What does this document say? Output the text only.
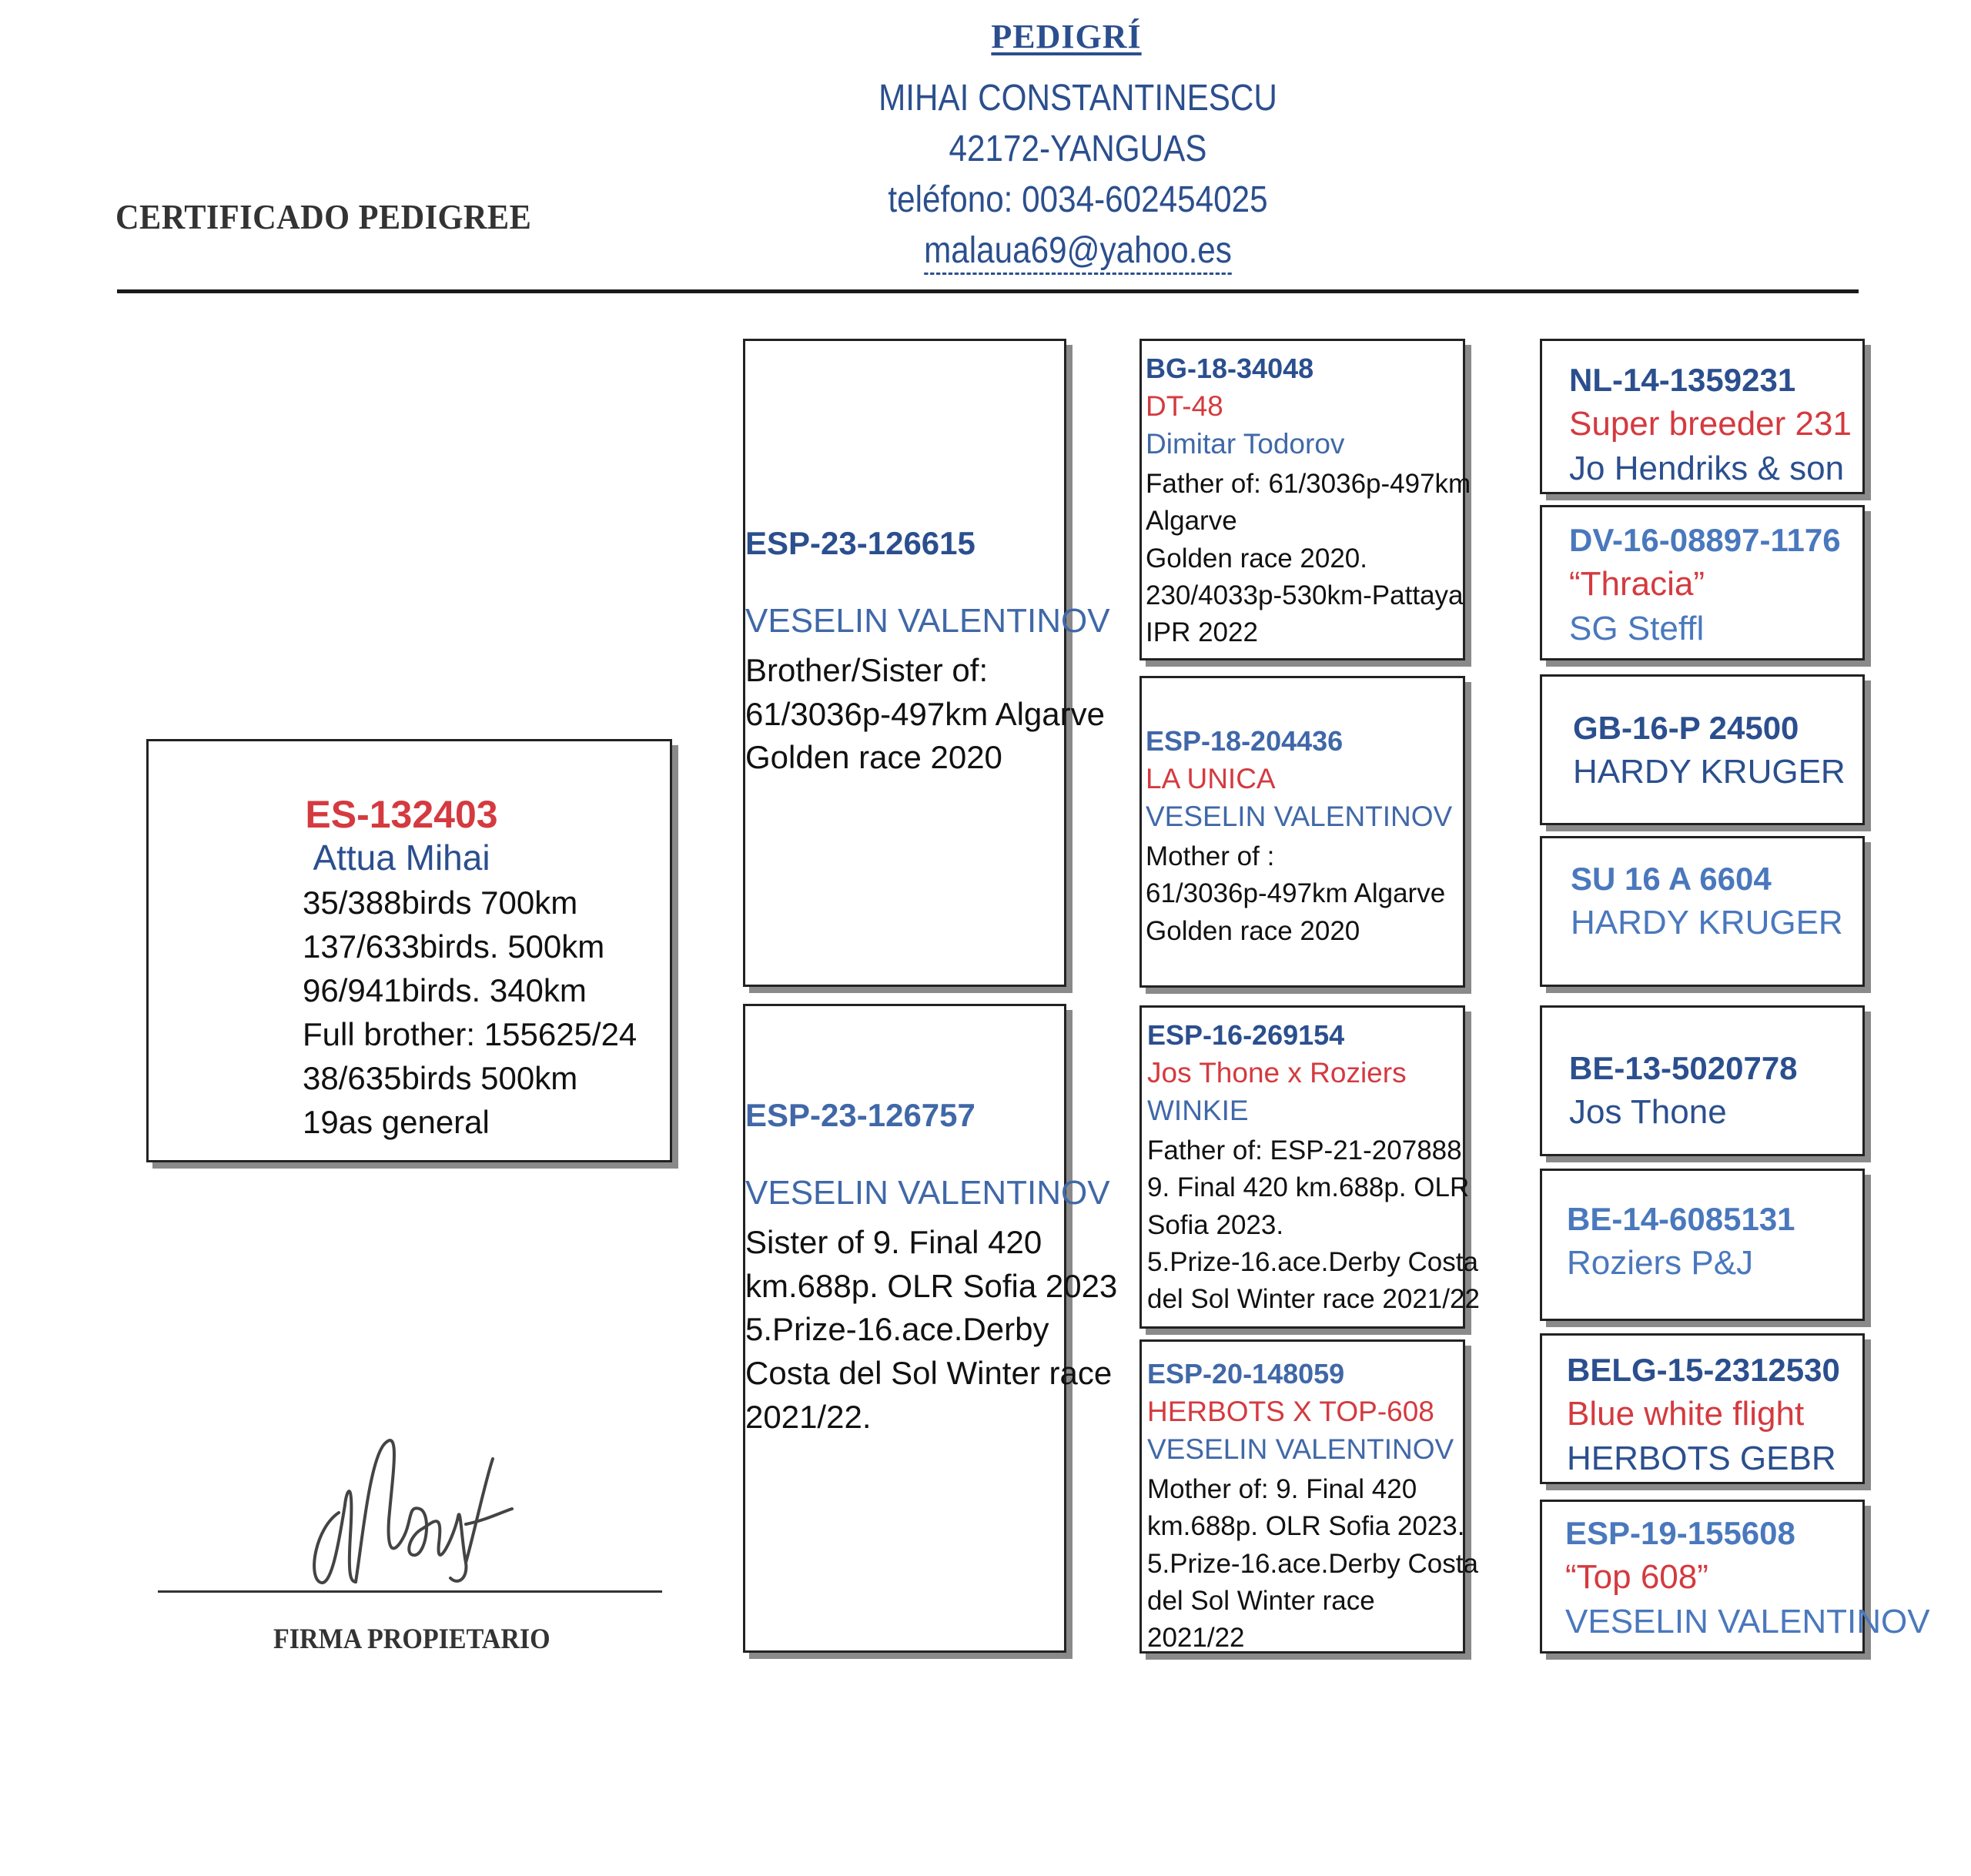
PEDIGRÍ
MIHAI CONSTANTINESCU
42172-YANGUAS
teléfono: 0034-602454025
malaua69@yahoo.es
CERTIFICADO PEDIGREE
ES-132403
Attua Mihai
35/388birds 700km
137/633birds. 500km
96/941birds. 340km
Full brother: 155625/24
38/635birds 500km
19as general
ESP-23-126615
VESELIN VALENTINOV
Brother/Sister of:
61/3036p-497km Algarve
Golden race 2020
ESP-23-126757
VESELIN VALENTINOV
Sister of 9. Final 420
km.688p. OLR Sofia 2023
5.Prize-16.ace.Derby
Costa del Sol Winter race
2021/22.
BG-18-34048
DT-48
Dimitar Todorov
Father of: 61/3036p-497km
Algarve
Golden race 2020.
230/4033p-530km-Pattaya
IPR 2022
ESP-18-204436
LA UNICA
VESELIN VALENTINOV
Mother of :
61/3036p-497km Algarve
Golden race 2020
ESP-16-269154
Jos Thone x Roziers
WINKIE
Father of: ESP-21-207888
9. Final 420 km.688p. OLR
Sofia 2023.
5.Prize-16.ace.Derby Costa
del Sol Winter race 2021/22
ESP-20-148059
HERBOTS X TOP-608
VESELIN VALENTINOV
Mother of: 9. Final 420
km.688p. OLR Sofia 2023.
5.Prize-16.ace.Derby Costa
del Sol Winter race
2021/22
NL-14-1359231
Super breeder 231
Jo Hendriks & son
DV-16-08897-1176
“Thracia”
SG Steffl
GB-16-P 24500
HARDY KRUGER
SU 16 A 6604
HARDY KRUGER
BE-13-5020778
Jos Thone
BE-14-6085131
Roziers P&J
BELG-15-2312530
Blue white flight
HERBOTS GEBR
ESP-19-155608
“Top 608”
VESELIN VALENTINOV
FIRMA PROPIETARIO
